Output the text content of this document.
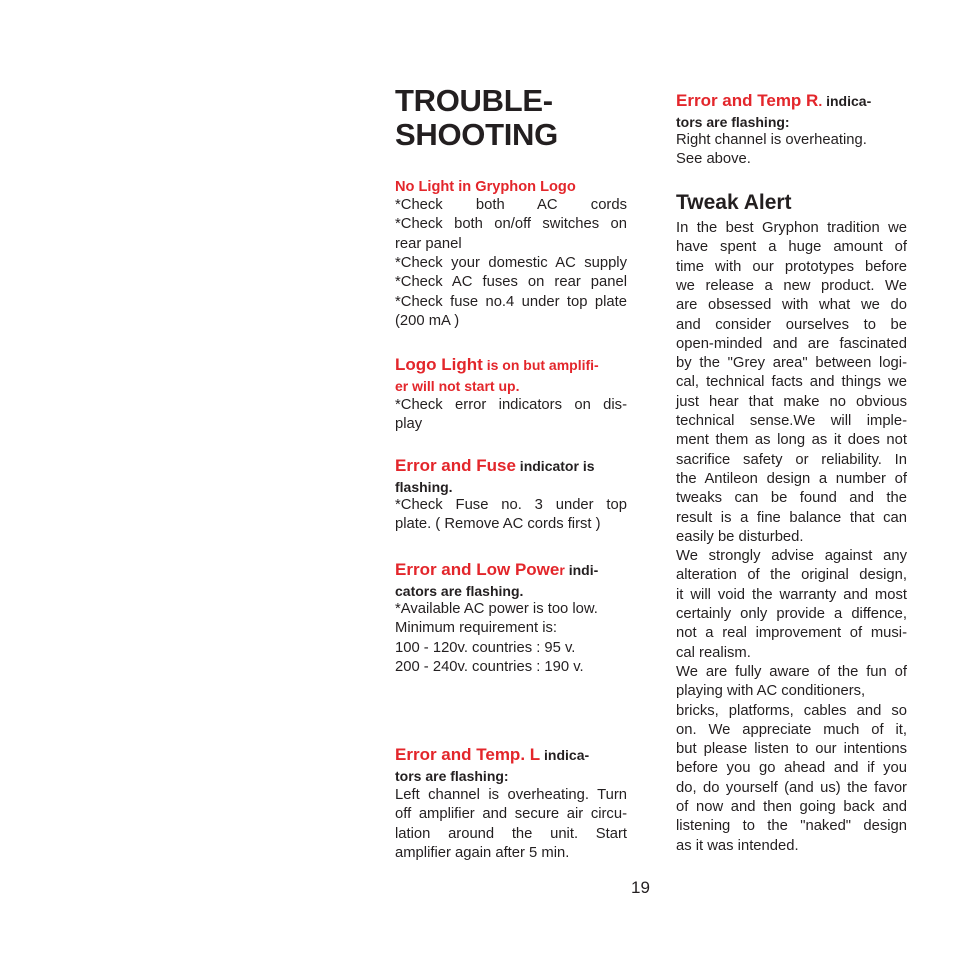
TROUBLE-
SHOOTING
No Light in Gryphon Logo
*Check both AC cords
*Check both on/off switches on
rear panel
*Check your domestic AC supply
*Check AC fuses on rear panel
*Check fuse no.4 under top plate
(200 mA )
Logo Light is on but amplifi-
er will not start up.
*Check error indicators on dis-
play
Error and Fuse indicator is
flashing.
*Check Fuse no. 3 under top
plate. ( Remove AC cords first )
Error and Low Power indi-
cators are flashing.
*Available AC power is too low.
Minimum requirement is:
100 - 120v. countries : 95 v.
200 - 240v. countries : 190 v.
Error and Temp. L indica-
tors are flashing:
Left channel is overheating. Turn
off amplifier and secure air circu-
lation around the unit. Start
amplifier again after 5 min.
Error and Temp R. indica-
tors are flashing:
Right channel is overheating.
See above.
Tweak Alert
In the best Gryphon tradition we
have spent a huge amount of
time with our prototypes before
we release a new product. We
are obsessed with what we do
and consider ourselves to be
open-minded and are fascinated
by the "Grey area" between logi-
cal, technical facts and things we
just hear that make no obvious
technical sense.We will imple-
ment them as long as it does not
sacrifice safety or reliability. In
the Antileon design a number of
tweaks can be found and the
result is a fine balance that can
easily be disturbed.
We strongly advise against any
alteration of the original design,
it will void the warranty and most
certainly only provide a diffence,
not a real improvement of musi-
cal realism.
We are fully aware of the fun of
playing with AC conditioners,
bricks, platforms, cables and so
on. We appreciate much of it,
but please listen to our intentions
before you go ahead and if you
do, do yourself (and us) the favor
of now and then going back and
listening to the "naked" design
as it was intended.
19
